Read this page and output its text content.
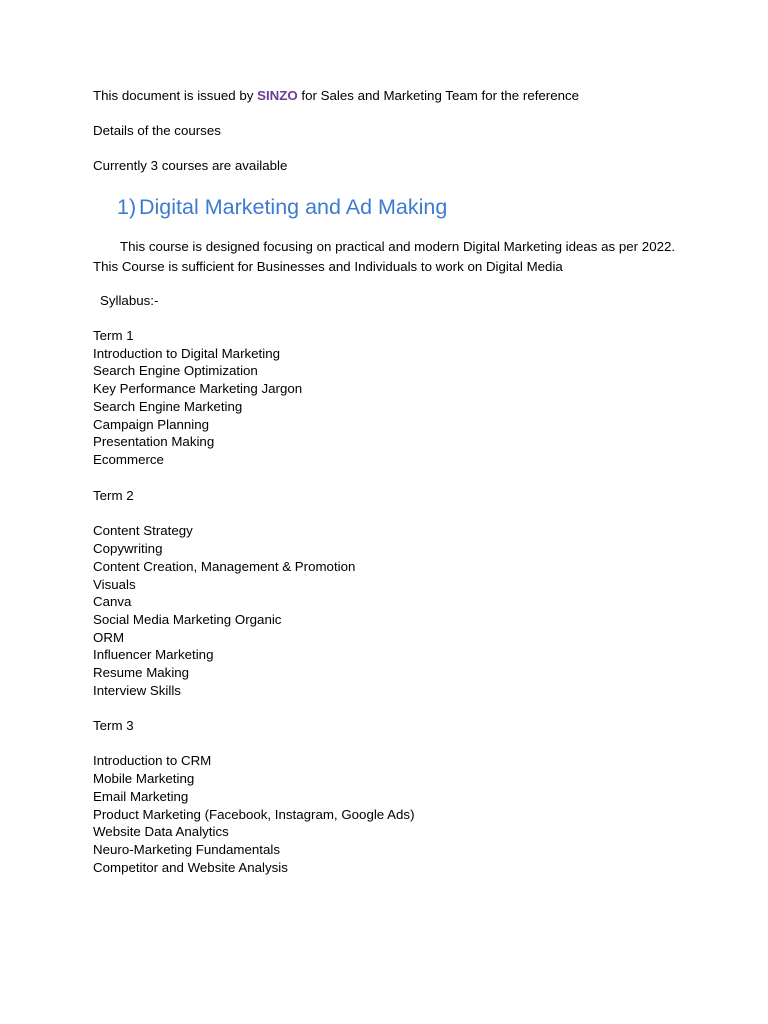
This document is issued by SINZO for Sales and Marketing Team for the reference
Details of the courses
Currently 3 courses are available
1) Digital Marketing and Ad Making
This course is designed focusing on practical and modern Digital Marketing ideas as per 2022. This Course is sufficient for Businesses and Individuals to work on Digital Media
Syllabus:-

Term 1

Introduction to Digital Marketing
Search Engine Optimization
Key Performance Marketing Jargon
Search Engine Marketing
Campaign Planning
Presentation Making
Ecommerce

Term 2

Content Strategy
Copywriting
Content Creation, Management & Promotion
Visuals
Canva
Social Media Marketing Organic
ORM
Influencer Marketing
Resume Making
Interview Skills

Term 3

Introduction to CRM
Mobile Marketing
Email Marketing
Product Marketing (Facebook, Instagram, Google Ads)
Website Data Analytics
Neuro-Marketing Fundamentals
Competitor and Website Analysis
